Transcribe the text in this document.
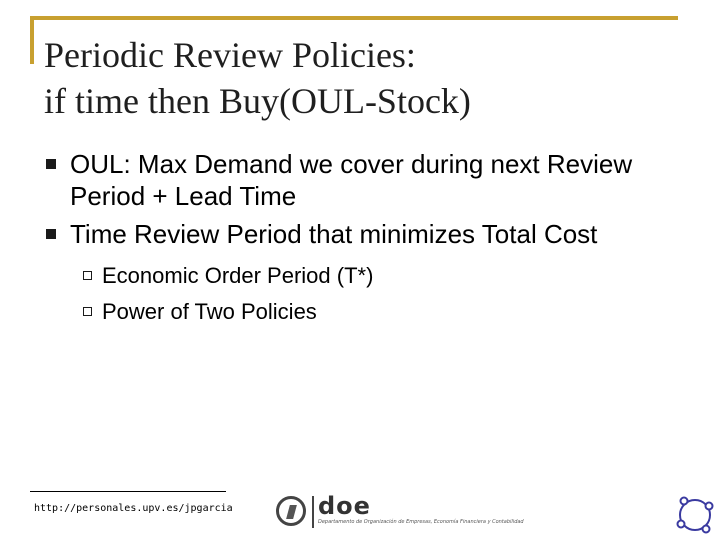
Periodic Review Policies:
if time then Buy(OUL-Stock)
OUL: Max Demand we cover during next Review Period + Lead Time
Time Review Period that minimizes Total Cost
Economic Order Period (T*)
Power of Two Policies
http://personales.upv.es/jpgarcia	doe
Departamento de Organización de Empresas, Economía Financiera y Contabilidad
